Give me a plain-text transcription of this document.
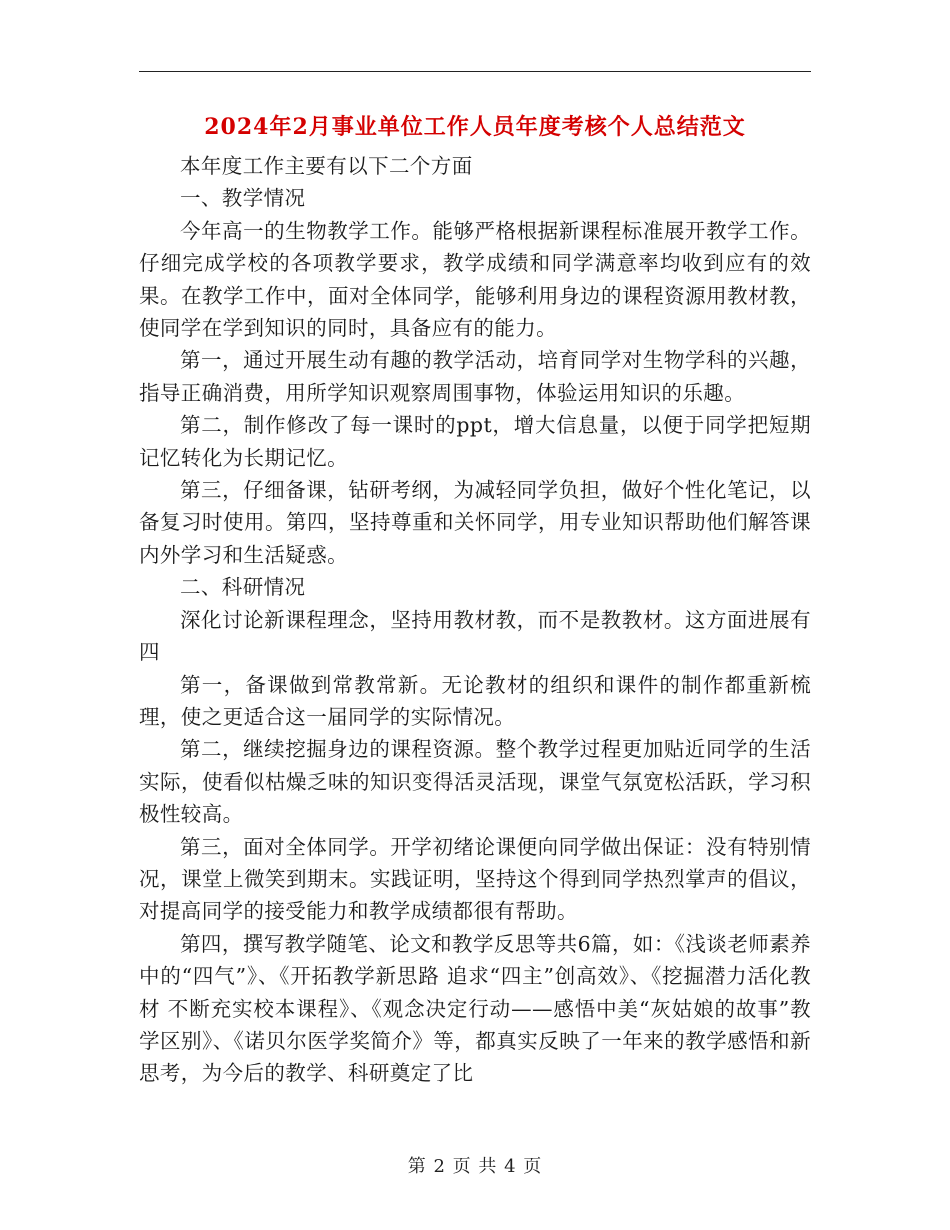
2024年2月事业单位工作人员年度考核个人总结范文

本年度工作主要有以下二个方面

一、教学情况

今年高一的生物教学工作。能够严格根据新课程标准展开教学工作。仔细完成学校的各项教学要求，教学成绩和同学满意率均收到应有的效果。在教学工作中，面对全体同学，能够利用身边的课程资源用教材教，使同学在学到知识的同时，具备应有的能力。

第一，通过开展生动有趣的教学活动，培育同学对生物学科的兴趣，指导正确消费，用所学知识观察周围事物，体验运用知识的乐趣。

第二，制作修改了每一课时的ppt，增大信息量，以便于同学把短期记忆转化为长期记忆。

第三，仔细备课，钻研考纲，为减轻同学负担，做好个性化笔记，以备复习时使用。第四，坚持尊重和关怀同学，用专业知识帮助他们解答课内外学习和生活疑惑。

二、科研情况

深化讨论新课程理念，坚持用教材教，而不是教教材。这方面进展有四

第一，备课做到常教常新。无论教材的组织和课件的制作都重新梳理，使之更适合这一届同学的实际情况。

第二，继续挖掘身边的课程资源。整个教学过程更加贴近同学的生活实际，使看似枯燥乏味的知识变得活灵活现，课堂气氛宽松活跃，学习积极性较高。

第三，面对全体同学。开学初绪论课便向同学做出保证：没有特别情况，课堂上微笑到期末。实践证明，坚持这个得到同学热烈掌声的倡议，对提高同学的接受能力和教学成绩都很有帮助。

第四，撰写教学随笔、论文和教学反思等共6篇，如：《浅谈老师素养中的“四气”》、《开拓教学新思路 追求“四主”创高效》、《挖掘潜力活化教材 不断充实校本课程》、《观念决定行动——感悟中美“灰姑娘的故事”教学区别》、《诺贝尔医学奖简介》等，都真实反映了一年来的教学感悟和新思考，为今后的教学、科研奠定了比

第 2 页 共 4 页
